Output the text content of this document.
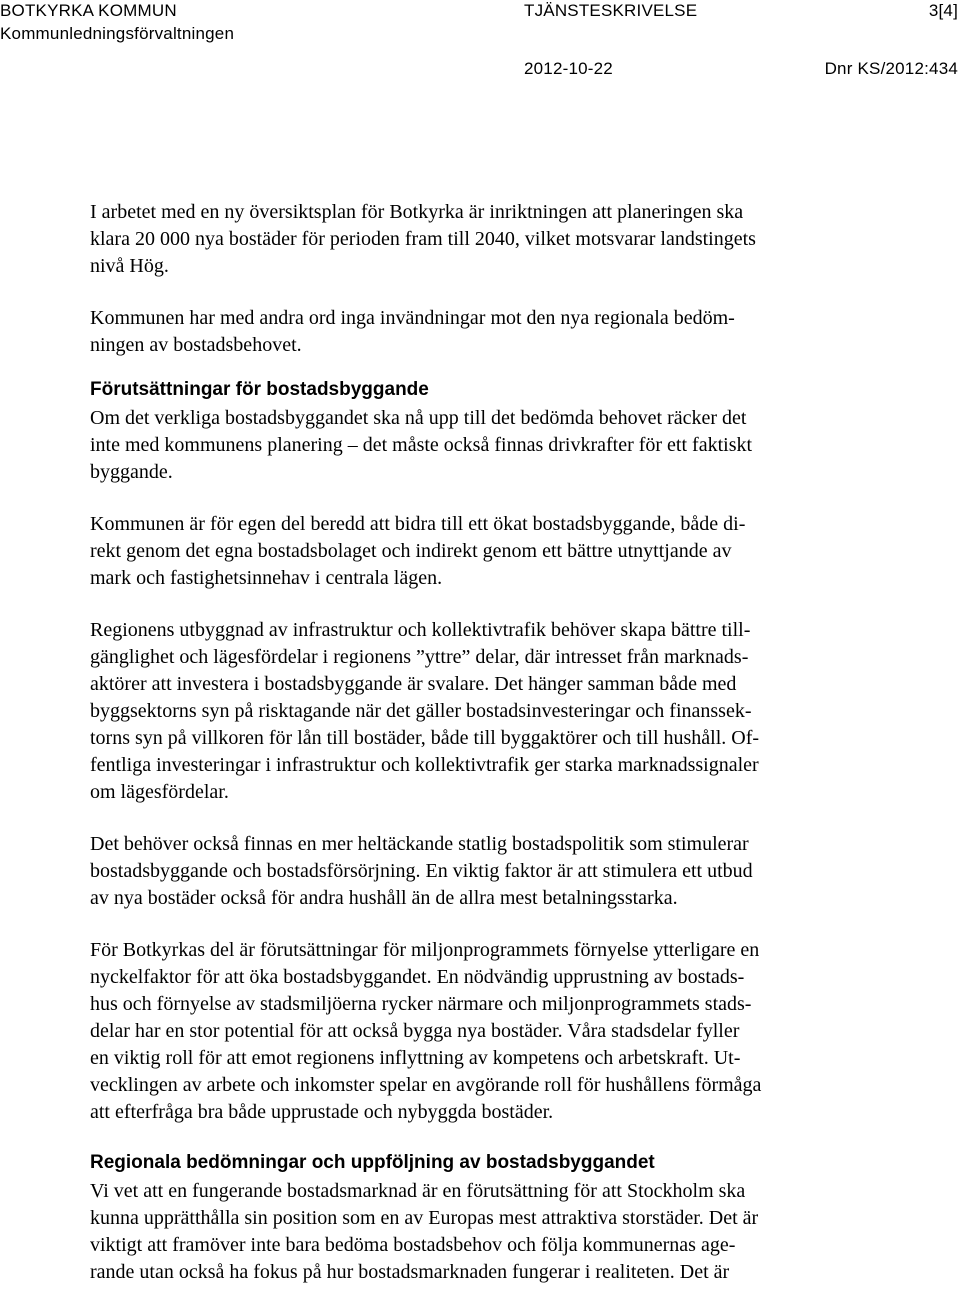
BOTKYRKA KOMMUN
Kommunledningsförvaltningen
TJÄNSTESKRIVELSE	3[4]
2012-10-22	Dnr KS/2012:434
I arbetet med en ny översiktsplan för Botkyrka är inriktningen att planeringen ska
klara 20 000 nya bostäder för perioden fram till 2040, vilket motsvarar landstingets
nivå Hög.
Kommunen har med andra ord inga invändningar mot den nya regionala bedöm-
ningen av bostadsbehovet.
Förutsättningar för bostadsbyggande
Om det verkliga bostadsbyggandet ska nå upp till det bedömda behovet räcker det
inte med kommunens planering – det måste också finnas drivkrafter för ett faktiskt
byggande.
Kommunen är för egen del beredd att bidra till ett ökat bostadsbyggande, både di-
rekt genom det egna bostadsbolaget och indirekt genom ett bättre utnyttjande av
mark och fastighetsinnehav i centrala lägen.
Regionens utbyggnad av infrastruktur och kollektivtrafik behöver skapa bättre till-
gänglighet och lägesfördelar i regionens ”yttre” delar, där intresset från marknads-
aktörer att investera i bostadsbyggande är svalare. Det hänger samman både med
byggsektorns syn på risktagande när det gäller bostadsinvesteringar och finanssek-
torns syn på villkoren för lån till bostäder, både till byggaktörer och till hushåll. Of-
fentliga investeringar i infrastruktur och kollektivtrafik ger starka marknadssignaler
om lägesfördelar.
Det behöver också finnas en mer heltäckande statlig bostadspolitik som stimulerar
bostadsbyggande och bostadsförsörjning. En viktig faktor är att stimulera ett utbud
av nya bostäder också för andra hushåll än de allra mest betalningsstarka.
För Botkyrkas del är förutsättningar för miljonprogrammets förnyelse ytterligare en
nyckelfaktor för att öka bostadsbyggandet. En nödvändig upprustning av bostads-
hus och förnyelse av stadsmiljöerna rycker närmare och miljonprogrammets stads-
delar har en stor potential för att också bygga nya bostäder. Våra stadsdelar fyller
en viktig roll för att emot regionens inflyttning av kompetens och arbetskraft. Ut-
vecklingen av arbete och inkomster spelar en avgörande roll för hushållens förmåga
att efterfråga bra både upprustade och nybyggda bostäder.
Regionala bedömningar och uppföljning av bostadsbyggandet
Vi vet att en fungerande bostadsmarknad är en förutsättning för att Stockholm ska
kunna upprätthålla sin position som en av Europas mest attraktiva storstäder. Det är
viktigt att framöver inte bara bedöma bostadsbehov och följa kommunernas age-
rande utan också ha fokus på hur bostadsmarknaden fungerar i realiteten. Det är
